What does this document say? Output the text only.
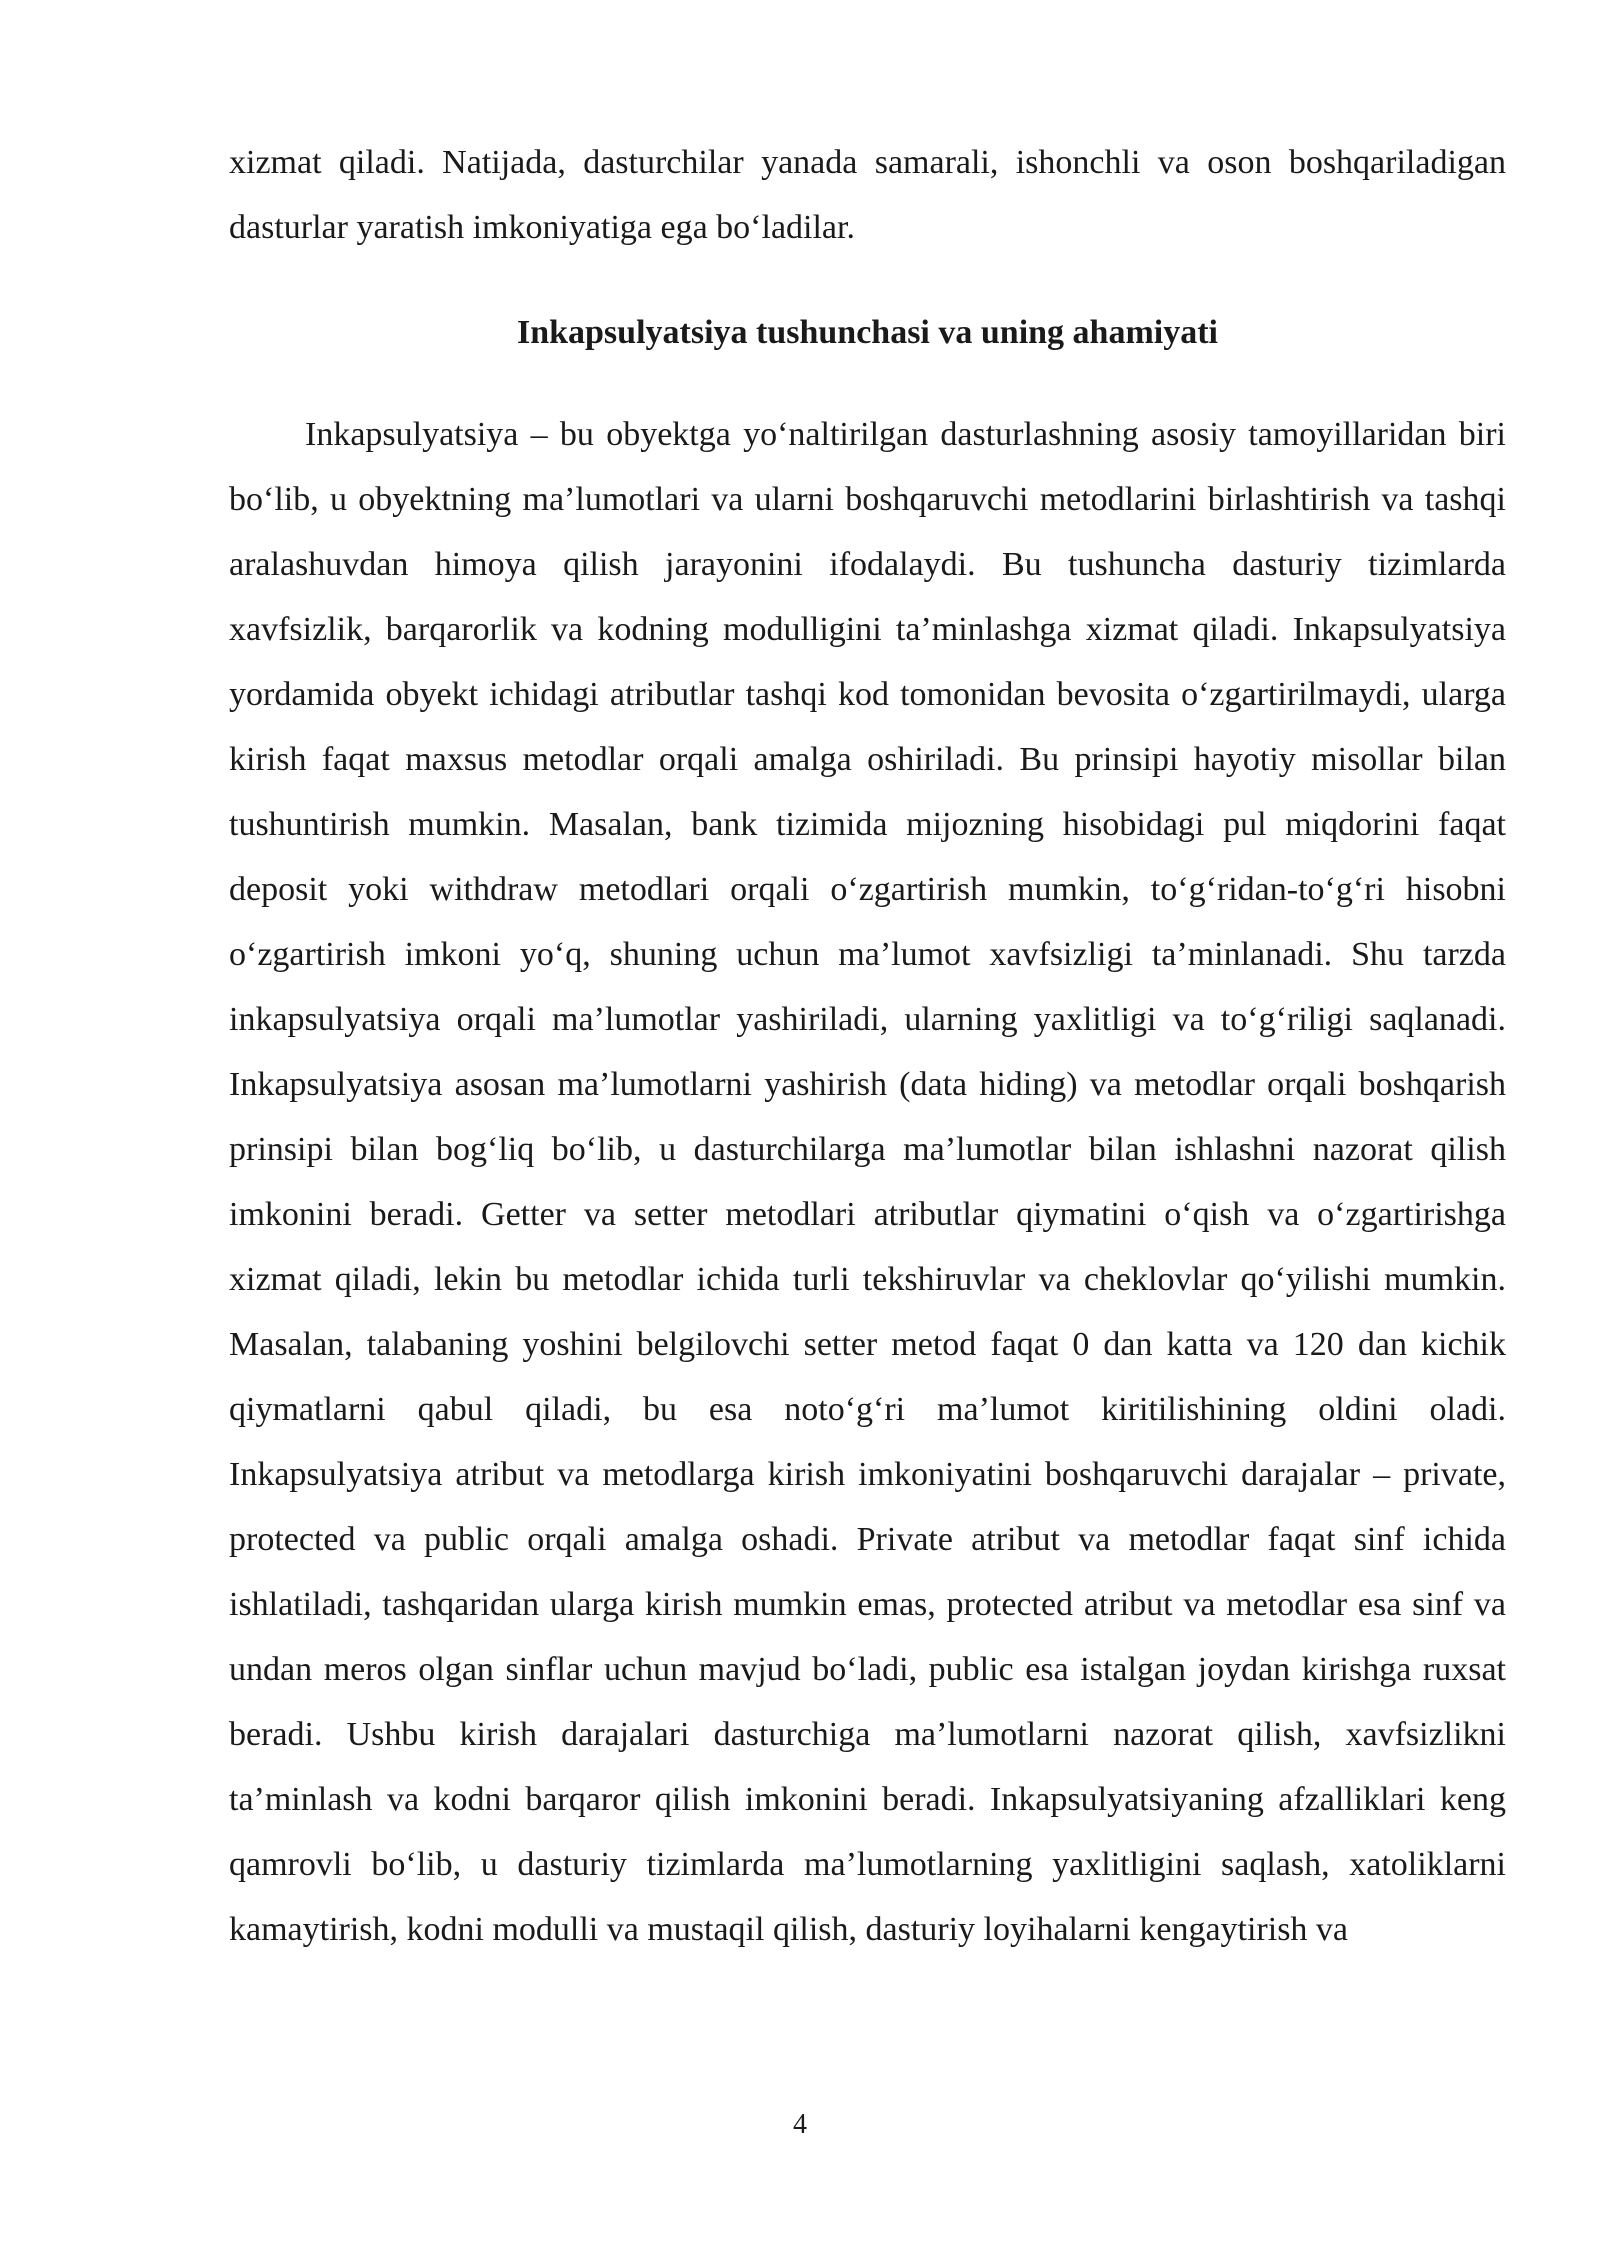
xizmat qiladi. Natijada, dasturchilar yanada samarali, ishonchli va oson boshqariladigan dasturlar yaratish imkoniyatiga ega bo‘ladilar.

Inkapsulyatsiya tushunchasi va uning ahamiyati

Inkapsulyatsiya – bu obyektga yo‘naltirilgan dasturlashning asosiy tamoyillaridan biri bo‘lib, u obyektning ma’lumotlari va ularni boshqaruvchi metodlarini birlashtirish va tashqi aralashuvdan himoya qilish jarayonini ifodalaydi. Bu tushuncha dasturiy tizimlarda xavfsizlik, barqarorlik va kodning modulligini ta’minlashga xizmat qiladi. Inkapsulyatsiya yordamida obyekt ichidagi atributlar tashqi kod tomonidan bevosita o‘zgartirilmaydi, ularga kirish faqat maxsus metodlar orqali amalga oshiriladi. Bu prinsipi hayotiy misollar bilan tushuntirish mumkin. Masalan, bank tizimida mijozning hisobidagi pul miqdorini faqat deposit yoki withdraw metodlari orqali o‘zgartirish mumkin, to‘g‘ridan-to‘g‘ri hisobni o‘zgartirish imkoni yo‘q, shuning uchun ma’lumot xavfsizligi ta’minlanadi. Shu tarzda inkapsulyatsiya orqali ma’lumotlar yashiriladi, ularning yaxlitligi va to‘g‘riligi saqlanadi. Inkapsulyatsiya asosan ma’lumotlarni yashirish (data hiding) va metodlar orqali boshqarish prinsipi bilan bog‘liq bo‘lib, u dasturchilarga ma’lumotlar bilan ishlashni nazorat qilish imkonini beradi. Getter va setter metodlari atributlar qiymatini o‘qish va o‘zgartirishga xizmat qiladi, lekin bu metodlar ichida turli tekshiruvlar va cheklovlar qo‘yilishi mumkin. Masalan, talabaning yoshini belgilovchi setter metod faqat 0 dan katta va 120 dan kichik qiymatlarni qabul qiladi, bu esa noto‘g‘ri ma’lumot kiritilishining oldini oladi. Inkapsulyatsiya atribut va metodlarga kirish imkoniyatini boshqaruvchi darajalar – private, protected va public orqali amalga oshadi. Private atribut va metodlar faqat sinf ichida ishlatiladi, tashqaridan ularga kirish mumkin emas, protected atribut va metodlar esa sinf va undan meros olgan sinflar uchun mavjud bo‘ladi, public esa istalgan joydan kirishga ruxsat beradi. Ushbu kirish darajalari dasturchiga ma’lumotlarni nazorat qilish, xavfsizlikni ta’minlash va kodni barqaror qilish imkonini beradi. Inkapsulyatsiyaning afzalliklari keng qamrovli bo‘lib, u dasturiy tizimlarda ma’lumotlarning yaxlitligini saqlash, xatoliklarni kamaytirish, kodni modulli va mustaqil qilish, dasturiy loyihalarni kengaytirish va

4
